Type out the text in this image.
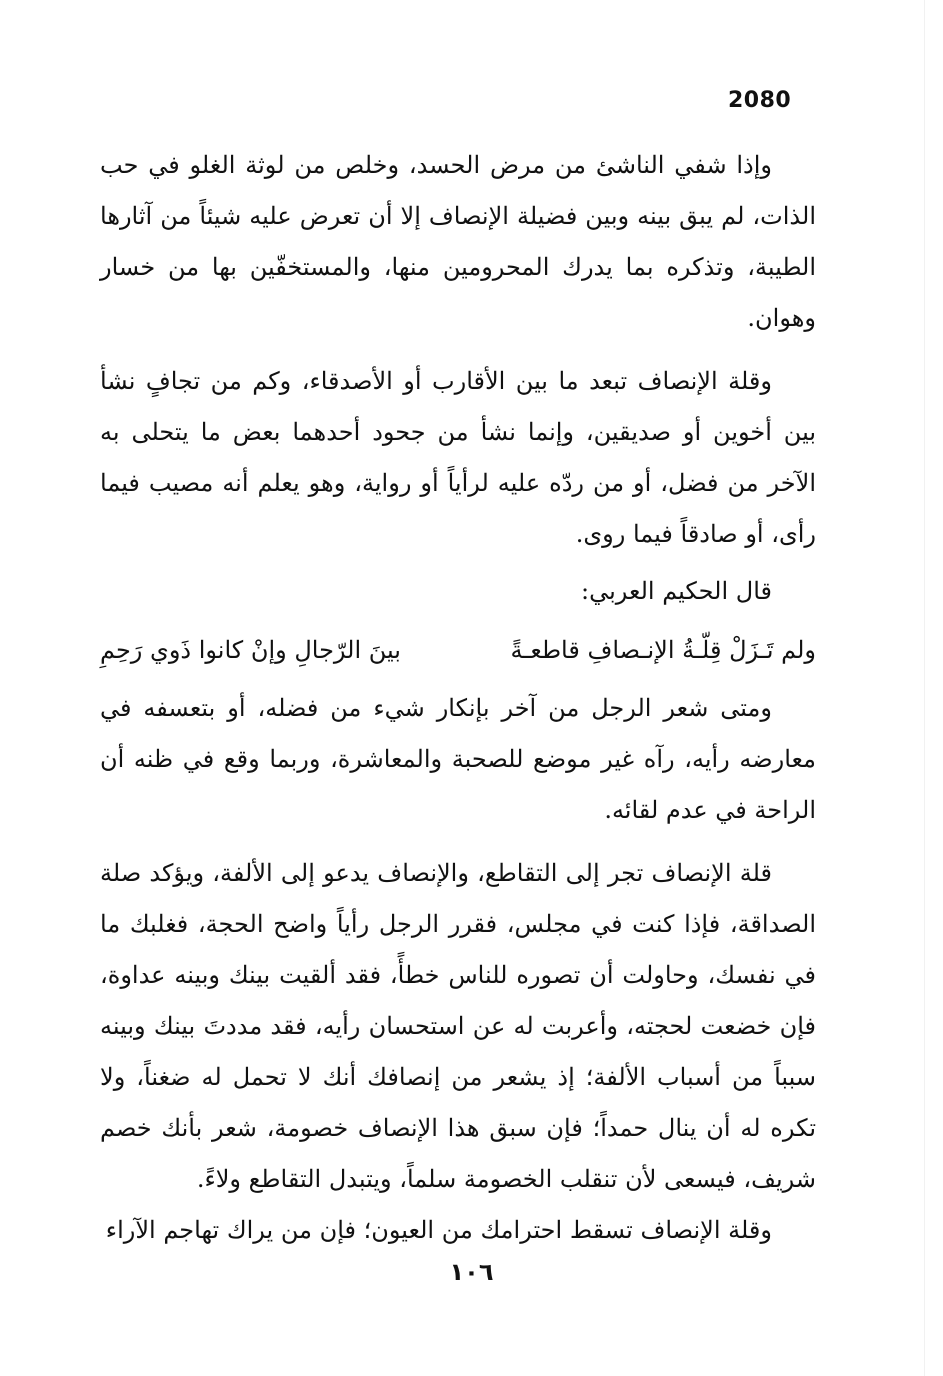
2080

وإذا شفي الناشئ من مرض الحسد، وخلص من لوثة الغلو في حب الذات، لم يبق بينه وبين فضيلة الإنصاف إلا أن تعرض عليه شيئاً من آثارها الطيبة، وتذكره بما يدرك المحرومين منها، والمستخفّين بها من خسار وهوان.

وقلة الإنصاف تبعد ما بين الأقارب أو الأصدقاء، وكم من تجافٍ نشأ بين أخوين أو صديقين، وإنما نشأ من جحود أحدهما بعض ما يتحلى به الآخر من فضل، أو من ردّه عليه لرأياً أو رواية، وهو يعلم أنه مصيب فيما رأى، أو صادقاً فيما روى.

قال الحكيم العربي:

ولم تَـزَلْ قِلّـةُ الإنـصافِ قاطعـةً
بينَ الرّجالِ وإنْ كانوا ذَوي رَحِمِ

ومتى شعر الرجل من آخر بإنكار شيء من فضله، أو بتعسفه في معارضه رأيه، رآه غير موضع للصحبة والمعاشرة، وربما وقع في ظنه أن الراحة في عدم لقائه.

قلة الإنصاف تجر إلى التقاطع، والإنصاف يدعو إلى الألفة، ويؤكد صلة الصداقة، فإذا كنت في مجلس، فقرر الرجل رأياً واضح الحجة، فغلبك ما في نفسك، وحاولت أن تصوره للناس خطأً، فقد ألقيت بينك وبينه عداوة، فإن خضعت لحجته، وأعربت له عن استحسان رأيه، فقد مددتَ بينك وبينه سبباً من أسباب الألفة؛ إذ يشعر من إنصافك أنك لا تحمل له ضغناً، ولا تكره له أن ينال حمداً؛ فإن سبق هذا الإنصاف خصومة، شعر بأنك خصم شريف، فيسعى لأن تنقلب الخصومة سلماً، ويتبدل التقاطع ولاءً.

وقلة الإنصاف تسقط احترامك من العيون؛ فإن من يراك تهاجم الآراء

١٠٦
